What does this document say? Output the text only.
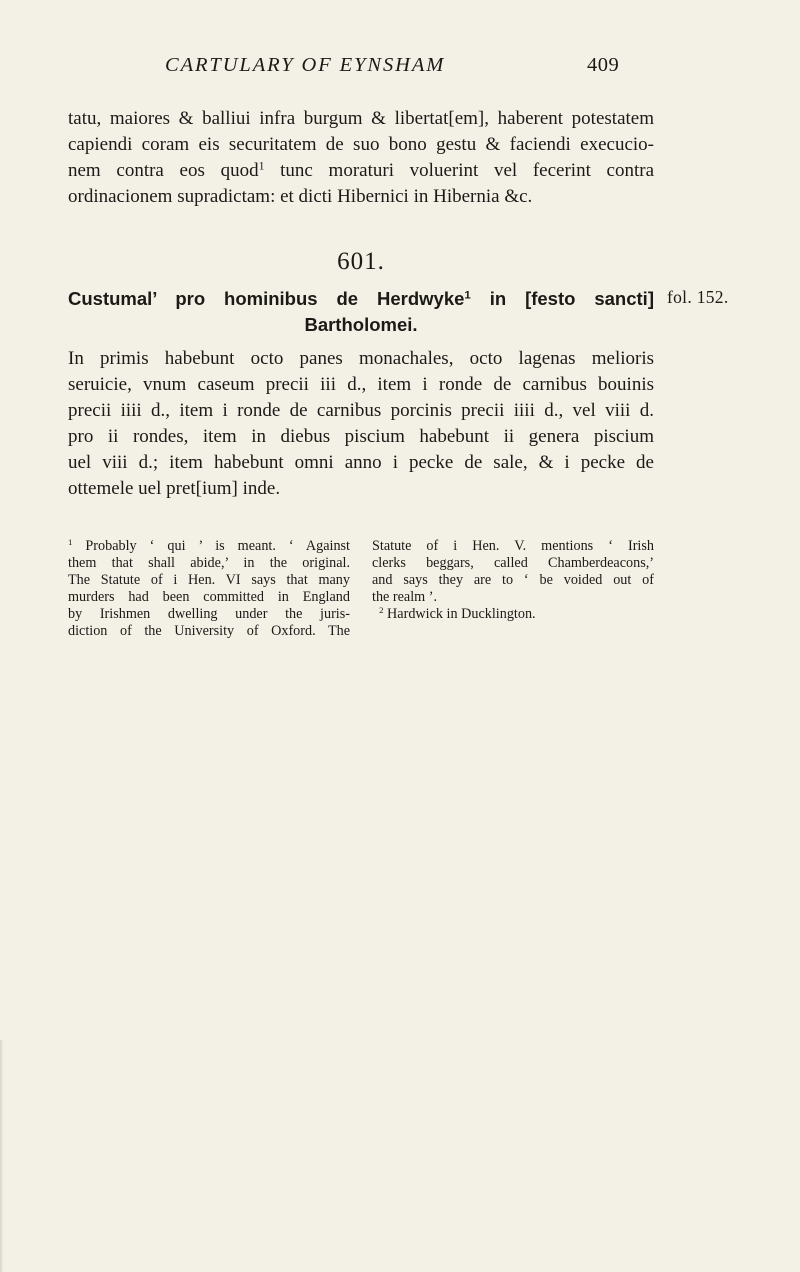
CARTULARY OF EYNSHAM	409
tatu, maiores & balliui infra burgum & libertat[em], haberent potestatem
capiendi coram eis securitatem de suo bono gestu & faciendi execucio-
nem contra eos quod$^1$ tunc moraturi voluerint vel fecerint contra
ordinacionem supradictam: et dicti Hibernici in Hibernia &c.
601.
Custumal’ pro hominibus de Herdwyke$^1$ in [festo sancti]
Bartholomei.
fol. 152.
In primis habebunt octo panes monachales, octo lagenas melioris
seruicie, vnum caseum precii iii d., item i ronde de carnibus bouinis
precii iiii d., item i ronde de carnibus porcinis precii iiii d., vel viii d.
pro ii rondes, item in diebus piscium habebunt ii genera piscium
uel viii d.; item habebunt omni anno i pecke de sale, & i pecke de
ottemele uel pret[ium] inde.
$^1$ Probably ‘ qui ’ is meant. ‘ Against
them that shall abide,’ in the original.
The Statute of i Hen. VI says that many
murders had been committed in England
by Irishmen dwelling under the juris-
diction of the University of Oxford. The
Statute of i Hen. V. mentions ‘ Irish
clerks beggars, called Chamberdeacons,’
and says they are to ‘ be voided out of
the realm ’.
$^2$ Hardwick in Ducklington.
